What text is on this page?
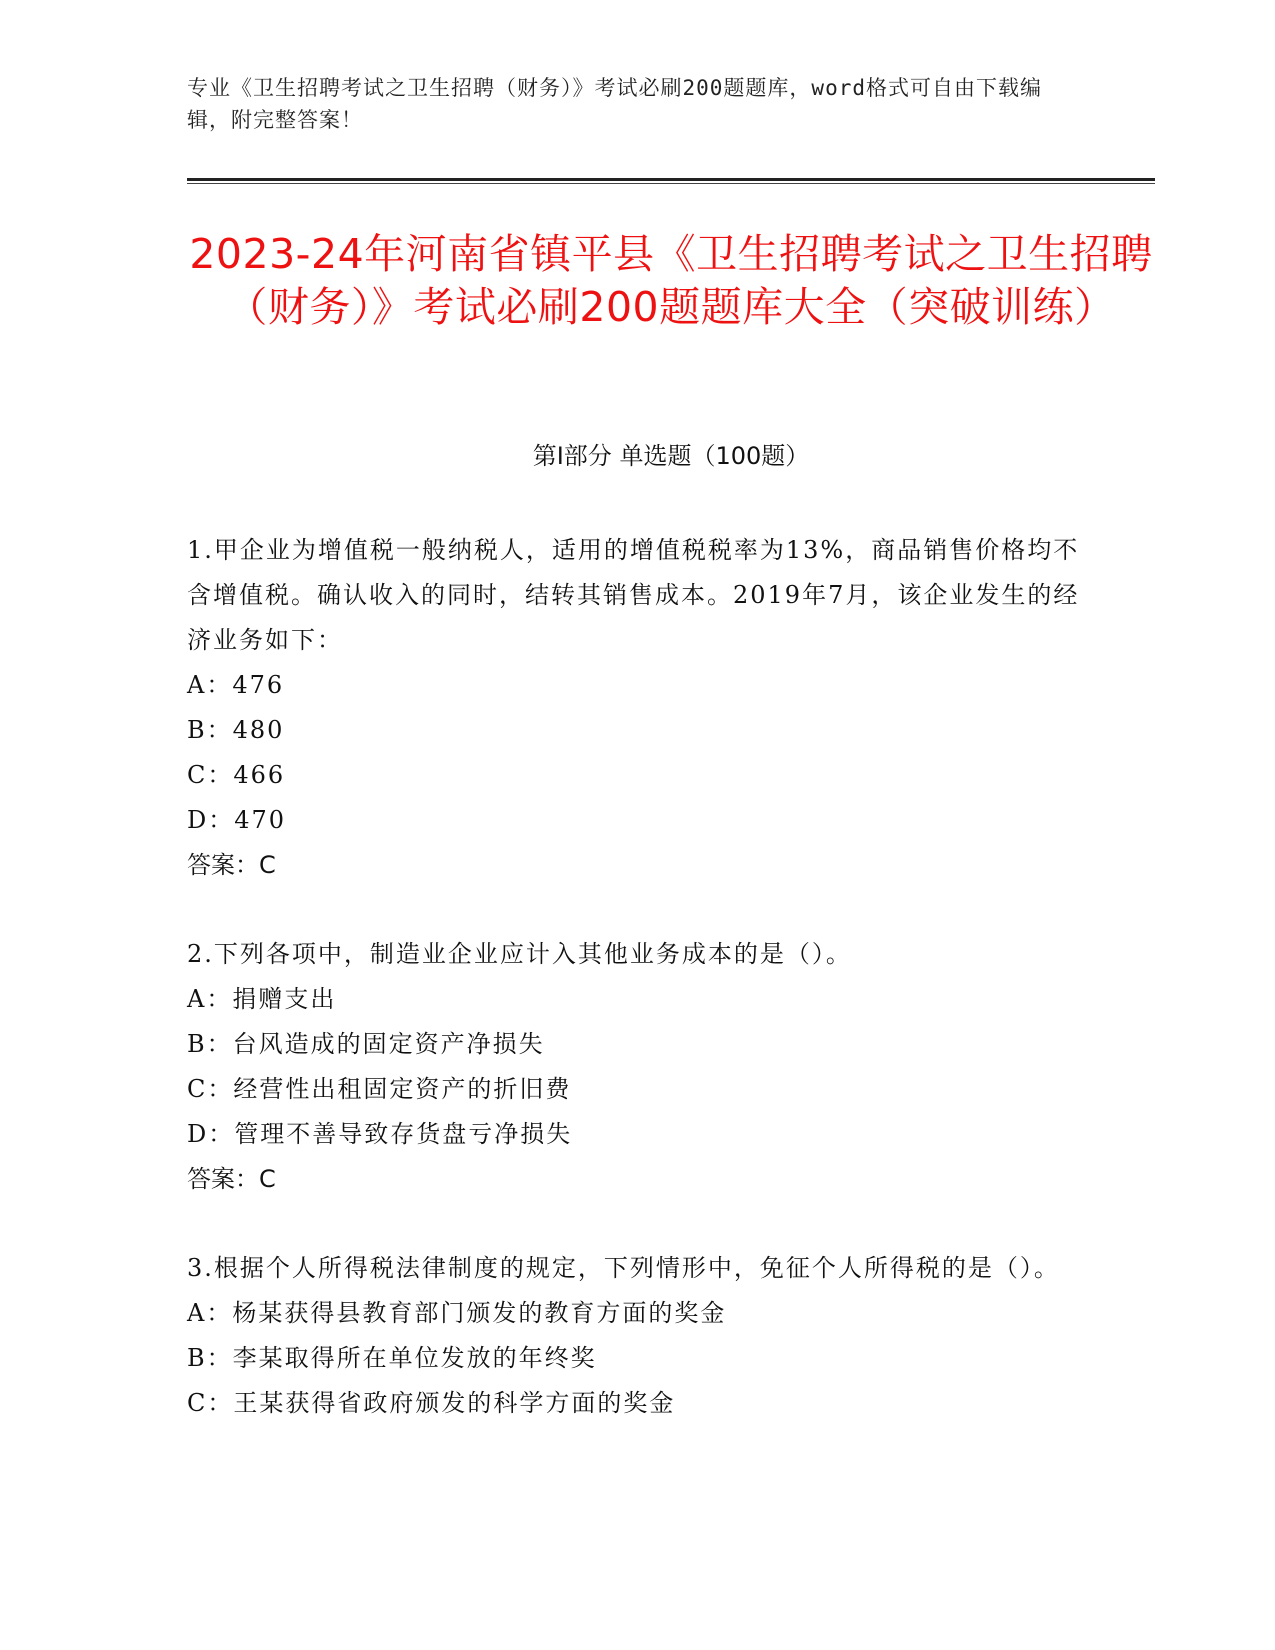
专业《卫生招聘考试之卫生招聘（财务）》考试必刷200题题库，word格式可自由下载编辑，附完整答案！
2023-24年河南省镇平县《卫生招聘考试之卫生招聘（财务）》考试必刷200题题库大全（突破训练）
第I部分 单选题（100题）
1.甲企业为增值税一般纳税人，适用的增值税税率为13%，商品销售价格均不含增值税。确认收入的同时，结转其销售成本。2019年7月，该企业发生的经济业务如下：
A：476
B：480
C：466
D：470
答案：C
2.下列各项中，制造业企业应计入其他业务成本的是（）。
A：捐赠支出
B：台风造成的固定资产净损失
C：经营性出租固定资产的折旧费
D：管理不善导致存货盘亏净损失
答案：C
3.根据个人所得税法律制度的规定，下列情形中，免征个人所得税的是（）。
A：杨某获得县教育部门颁发的教育方面的奖金
B：李某取得所在单位发放的年终奖
C：王某获得省政府颁发的科学方面的奖金
